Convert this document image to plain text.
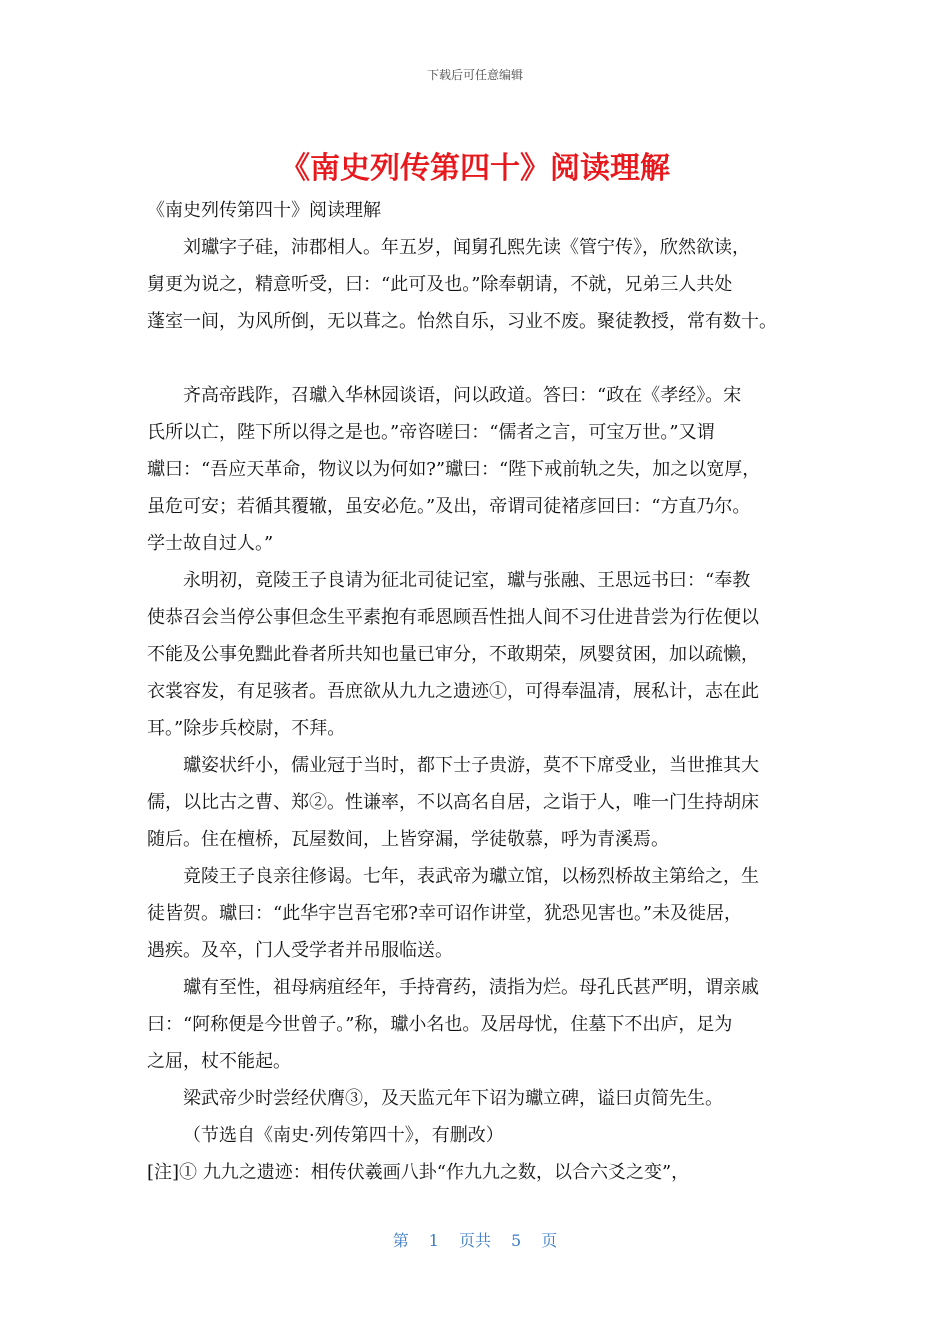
下载后可任意编辑
《南史列传第四十》阅读理解
《南史列传第四十》阅读理解
刘瓛字子硅，沛郡相人。年五岁，闻舅孔熙先读《管宁传》，欣然欲读，
舅更为说之，精意听受，曰：“此可及也。”除奉朝请，不就，兄弟三人共处
蓬室一间，为风所倒，无以葺之。怡然自乐，习业不废。聚徒教授，常有数十。
齐高帝践阼，召瓛入华林园谈语，问以政道。答曰：“政在《孝经》。宋
氏所以亡，陛下所以得之是也。”帝咨嗟曰：“儒者之言，可宝万世。”又谓
瓛曰：“吾应天革命，物议以为何如?”瓛曰：“陛下戒前轨之失，加之以宽厚，
虽危可安；若循其覆辙，虽安必危。”及出，帝谓司徒褚彦回曰：“方直乃尔。
学士故自过人。”
永明初，竟陵王子良请为征北司徒记室，瓛与张融、王思远书曰：“奉教
使恭召会当停公事但念生平素抱有乖恩顾吾性拙人间不习仕进昔尝为行佐便以
不能及公事免黜此眷者所共知也量已审分，不敢期荣，夙婴贫困，加以疏懒，
衣裳容发，有足骇者。吾庶欲从九九之遗迹①，可得奉温凊，展私计，志在此
耳。”除步兵校尉，不拜。
瓛姿状纤小，儒业冠于当时，都下士子贵游，莫不下席受业，当世推其大
儒，以比古之曹、郑②。性谦率，不以高名自居，之诣于人，唯一门生持胡床
随后。住在檀桥，瓦屋数间，上皆穿漏，学徒敬慕，呼为青溪焉。
竟陵王子良亲往修谒。七年，表武帝为瓛立馆，以杨烈桥故主第给之，生
徒皆贺。瓛曰：“此华宇岂吾宅邪?幸可诏作讲堂，犹恐见害也。”未及徙居，
遇疾。及卒，门人受学者并吊服临送。
瓛有至性，祖母病疽经年，手持膏药，渍指为烂。母孔氏甚严明，谓亲戚
曰：“阿称便是今世曾子。”称，瓛小名也。及居母忧，住墓下不出庐，足为
之屈，杖不能起。
梁武帝少时尝经伏膺③，及天监元年下诏为瓛立碑，谥曰贞简先生。
（节选自《南史·列传第四十》，有删改）
[注]① 九九之遗迹：相传伏羲画八卦“作九九之数，以合六爻之变”，
第 1 页共 5 页
